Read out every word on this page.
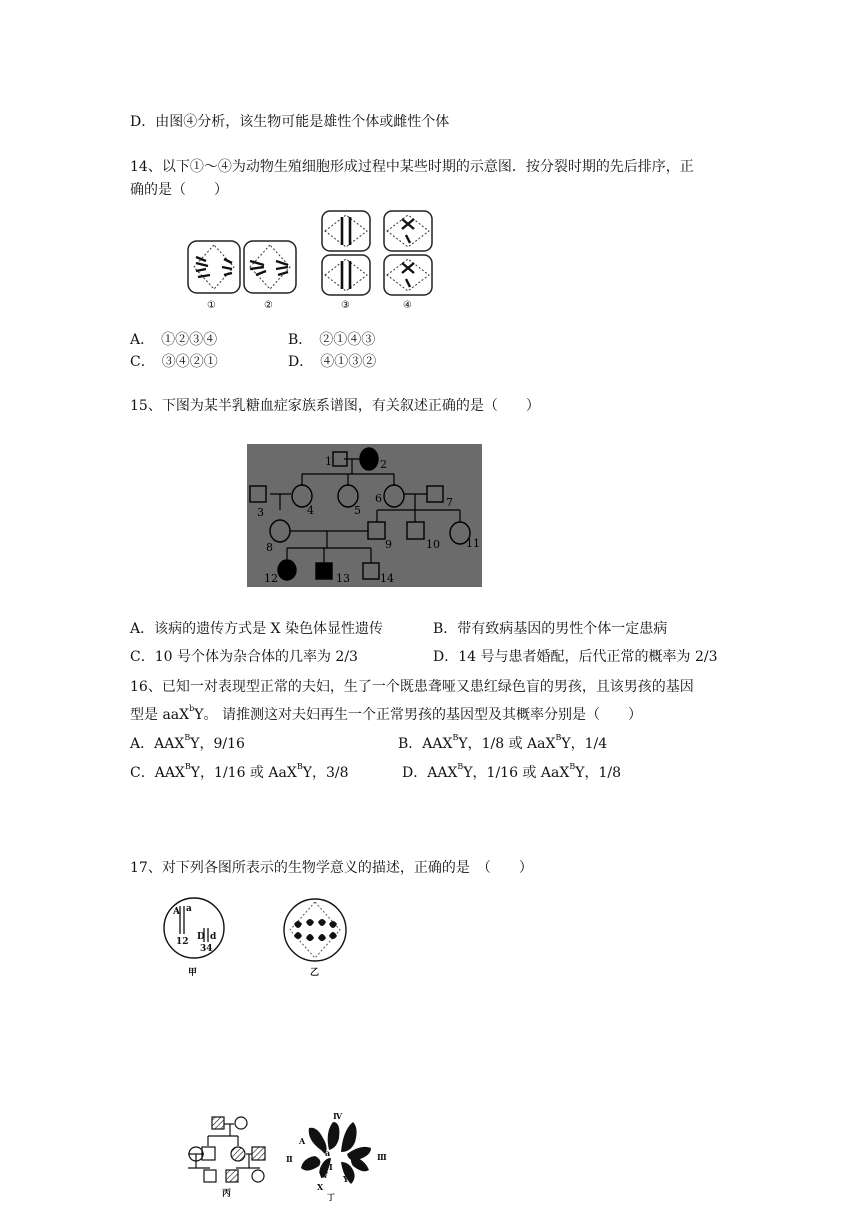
D．由图④分析，该生物可能是雄性个体或雌性个体
14、以下①～④为动物生殖细胞形成过程中某些时期的示意图．按分裂时期的先后排序，正
确的是（　　）
①	②	③	④
A．　①②③④	B．　②①④③
C．　③④②①	D．　④①③②
15、下图为某半乳糖血症家族系谱图，有关叙述正确的是（　　）
1	2
3	4	5
6	7
8	9	10 11
12	13	14
A．该病的遗传方式是 X 染色体显性遗传	B．带有致病基因的男性个体一定患病
C．10 号个体为杂合体的几率为 2/3	D．14 号与患者婚配，后代正常的概率为 2/3
16、已知一对表现型正常的夫妇，生了一个既患聋哑又患红绿色盲的男孩，且该男孩的基因
型是 aaX$^b$Y。 请推测这对夫妇再生一个正常男孩的基因型及其概率分别是（　　）
A．$AAX^BY$，9/16	B．$AAX^BY$，1/8 或 AaX$^B$Y，1/4
C．$AAX^BY$，1/16 或 AaX$^B$Y，3/8	D．$AAX^BY$，1/16 或 AaX$^B$Y，1/8
17、对下列各图所表示的生物学意义的描述，正确的是　（　　）
A a
D d
12
34
甲	乙
丙
Ⅳ
A
a
Ⅱ	Ⅲ
Ⅰ
W
X
Y
丁
